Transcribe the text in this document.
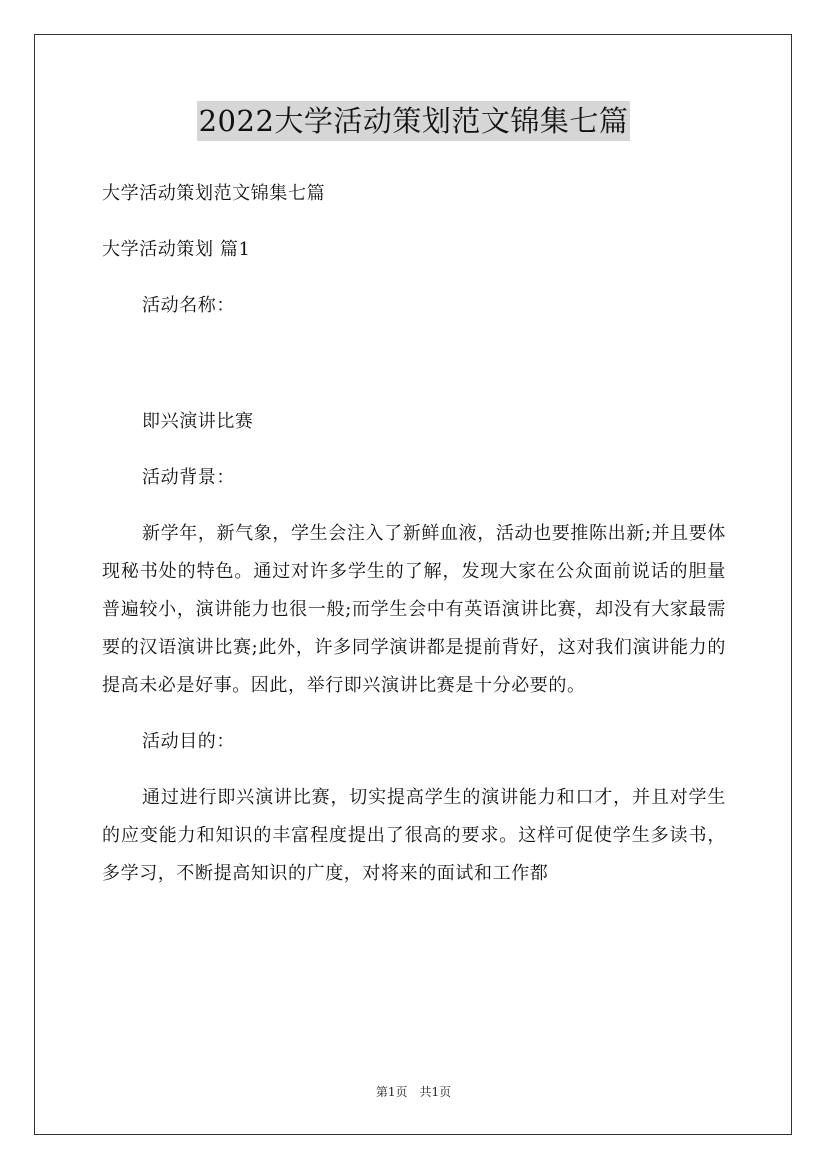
2022大学活动策划范文锦集七篇

大学活动策划范文锦集七篇

大学活动策划 篇1

活动名称：

即兴演讲比赛

活动背景：

新学年，新气象，学生会注入了新鲜血液，活动也要推陈出新;并且要体现秘书处的特色。通过对许多学生的了解，发现大家在公众面前说话的胆量普遍较小，演讲能力也很一般;而学生会中有英语演讲比赛，却没有大家最需要的汉语演讲比赛;此外，许多同学演讲都是提前背好，这对我们演讲能力的提高未必是好事。因此，举行即兴演讲比赛是十分必要的。

活动目的：

通过进行即兴演讲比赛，切实提高学生的演讲能力和口才，并且对学生的应变能力和知识的丰富程度提出了很高的要求。这样可促使学生多读书，多学习，不断提高知识的广度，对将来的面试和工作都

第1页 共1页
